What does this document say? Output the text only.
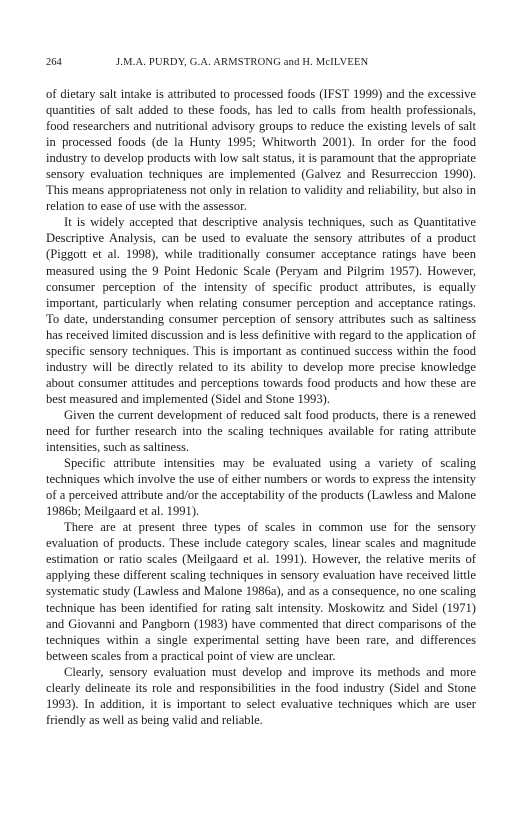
264	J.M.A. PURDY, G.A. ARMSTRONG and H. McILVEEN

of dietary salt intake is attributed to processed foods (IFST 1999) and the excessive quantities of salt added to these foods, has led to calls from health professionals, food researchers and nutritional advisory groups to reduce the existing levels of salt in processed foods (de la Hunty 1995; Whitworth 2001). In order for the food industry to develop products with low salt status, it is paramount that the appropriate sensory evaluation techniques are implemented (Galvez and Resurreccion 1990). This means appropriateness not only in relation to validity and reliability, but also in relation to ease of use with the assessor.

It is widely accepted that descriptive analysis techniques, such as Quantitative Descriptive Analysis, can be used to evaluate the sensory attributes of a product (Piggott et al. 1998), while traditionally consumer acceptance ratings have been measured using the 9 Point Hedonic Scale (Peryam and Pilgrim 1957). However, consumer perception of the intensity of specific product attributes, is equally important, particularly when relating consumer perception and acceptance ratings. To date, understanding consumer perception of sensory attributes such as saltiness has received limited discussion and is less definitive with regard to the application of specific sensory techniques. This is important as continued success within the food industry will be directly related to its ability to develop more precise knowledge about consumer attitudes and perceptions towards food products and how these are best measured and implemented (Sidel and Stone 1993).

Given the current development of reduced salt food products, there is a renewed need for further research into the scaling techniques available for rating attribute intensities, such as saltiness.

Specific attribute intensities may be evaluated using a variety of scaling techniques which involve the use of either numbers or words to express the intensity of a perceived attribute and/or the acceptability of the products (Lawless and Malone 1986b; Meilgaard et al. 1991).

There are at present three types of scales in common use for the sensory evaluation of products. These include category scales, linear scales and magnitude estimation or ratio scales (Meilgaard et al. 1991). However, the relative merits of applying these different scaling techniques in sensory evaluation have received little systematic study (Lawless and Malone 1986a), and as a consequence, no one scaling technique has been identified for rating salt intensity. Moskowitz and Sidel (1971) and Giovanni and Pangborn (1983) have commented that direct comparisons of the techniques within a single experimental setting have been rare, and differences between scales from a practical point of view are unclear.

Clearly, sensory evaluation must develop and improve its methods and more clearly delineate its role and responsibilities in the food industry (Sidel and Stone 1993). In addition, it is important to select evaluative techniques which are user friendly as well as being valid and reliable.
